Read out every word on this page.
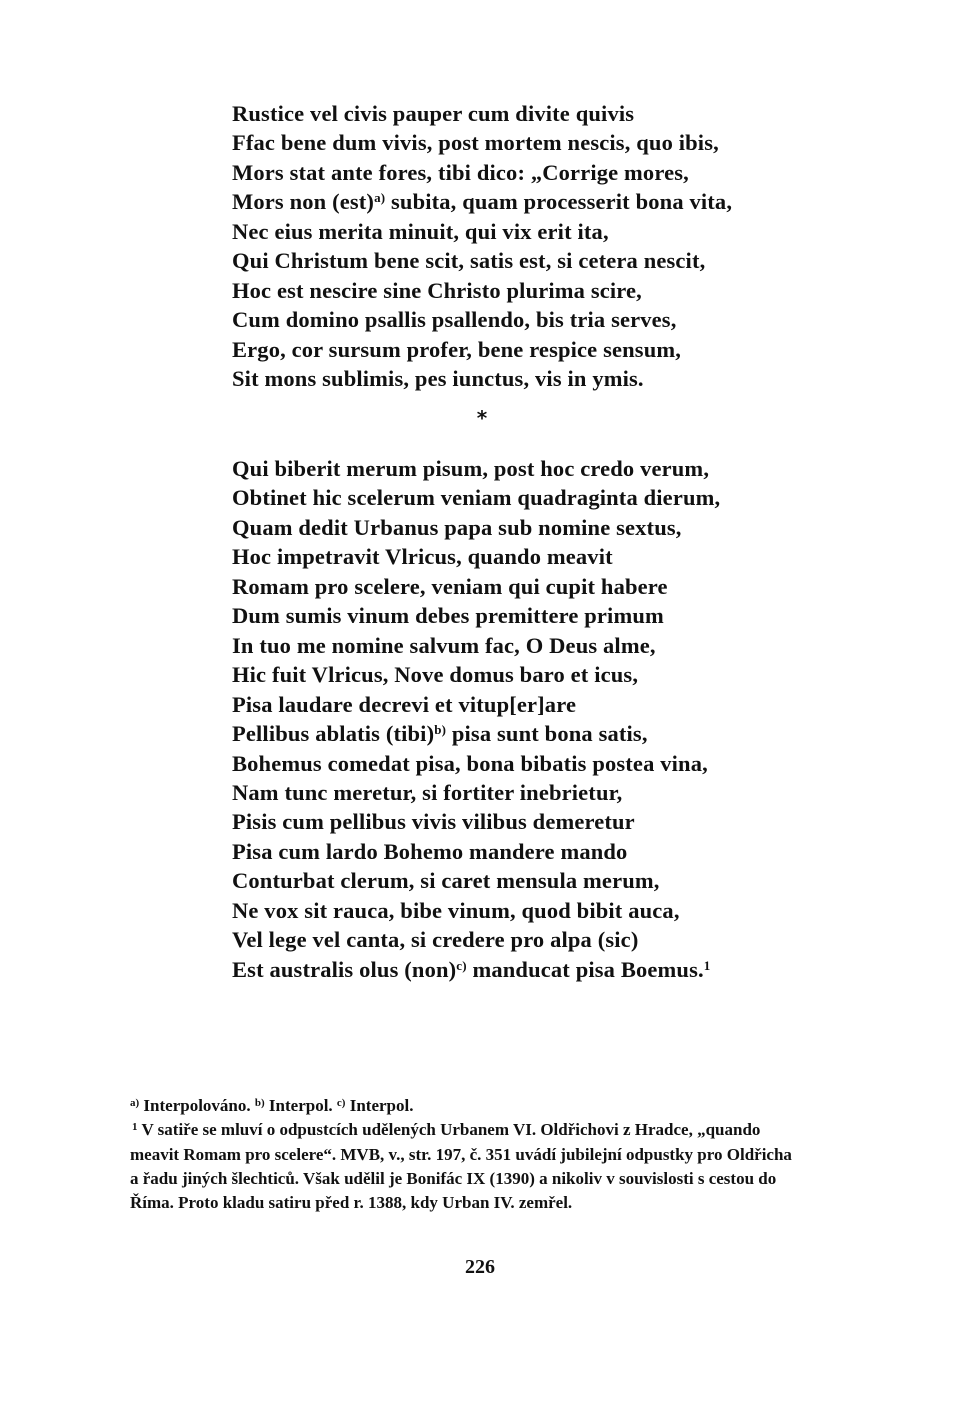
Rustice vel civis pauper cum divite quivis
Ffac bene dum vivis, post mortem nescis, quo ibis,
Mors stat ante fores, tibi dico: „Corrige mores,
Mors non (est)$^{a)}$ subita, quam processerit bona vita,
Nec eius merita minuit, qui vix erit ita,
Qui Christum bene scit, satis est, si cetera nescit,
Hoc est nescire sine Christo plurima scire,
Cum domino psallis psallendo, bis tria serves,
Ergo, cor sursum profer, bene respice sensum,
Sit mons sublimis, pes iunctus, vis in ymis.
*
Qui biberit merum pisum, post hoc credo verum,
Obtinet hic scelerum veniam quadraginta dierum,
Quam dedit Urbanus papa sub nomine sextus,
Hoc impetravit Vlricus, quando meavit
Romam pro scelere, veniam qui cupit habere
Dum sumis vinum debes premittere primum
In tuo me nomine salvum fac, O Deus alme,
Hic fuit Vlricus, Nove domus baro et icus,
Pisa laudare decrevi et vitup[er]are
Pellibus ablatis (tibi)$^{b)}$ pisa sunt bona satis,
Bohemus comedat pisa, bona bibatis postea vina,
Nam tunc meretur, si fortiter inebrietur,
Pisis cum pellibus vivis vilibus demeretur
Pisa cum lardo Bohemo mandere mando
Conturbat clerum, si caret mensula merum,
Ne vox sit rauca, bibe vinum, quod bibit auca,
Vel lege vel canta, si credere pro alpa (sic)
Est australis olus (non)$^{c)}$ manducat pisa Boemus.$^1$
$^{a)}$ Interpolováno. $^{b)}$ Interpol. $^{c)}$ Interpol.
$^1$ V satiře se mluví o odpustcích udělených Urbanem VI. Oldřichovi z Hradce, „quando
meavit Romam pro scelere“. MVB, v., str. 197, č. 351 uvádí jubilejní odpustky pro Oldřicha
a řadu jiných šlechticů. Však udělil je Bonifác IX (1390) a nikoliv v souvislosti s cestou do
Říma. Proto kladu satiru před r. 1388, kdy Urban IV. zemřel.
226
